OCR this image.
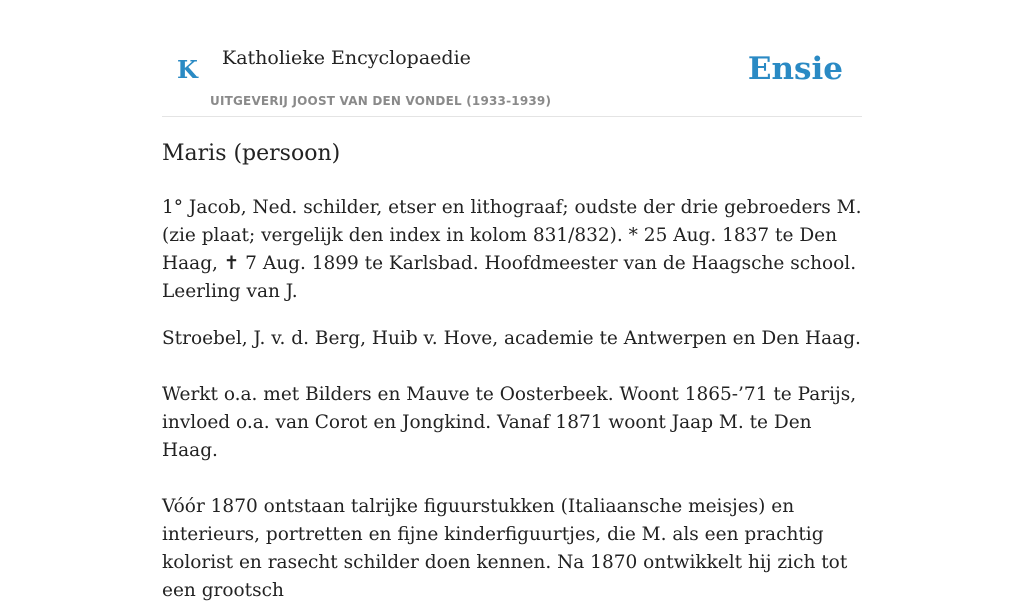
K Katholieke Encyclopaedie
UITGEVERIJ JOOST VAN DEN VONDEL (1933-1939)
Ensie
Maris (persoon)

1° Jacob, Ned. schilder, etser en lithograaf; oudste der drie gebroeders M. (zie plaat; vergelijk den index in kolom 831/832). * 25 Aug. 1837 te Den Haag, ✝ 7 Aug. 1899 te Karlsbad. Hoofdmeester van de Haagsche school. Leerling van J.

Stroebel, J. v. d. Berg, Huib v. Hove, academie te Antwerpen en Den Haag.

Werkt o.a. met Bilders en Mauve te Oosterbeek. Woont 1865-’71 te Parijs, invloed o.a. van Corot en Jongkind. Vanaf 1871 woont Jaap M. te Den Haag.

Vóór 1870 ontstaan talrijke figuurstukken (Italiaansche meisjes) en interieurs, portretten en fijne kinderfiguurtjes, die M. als een prachtig kolorist en rasecht schilder doen kennen. Na 1870 ontwikkelt hij zich tot een grootsch
